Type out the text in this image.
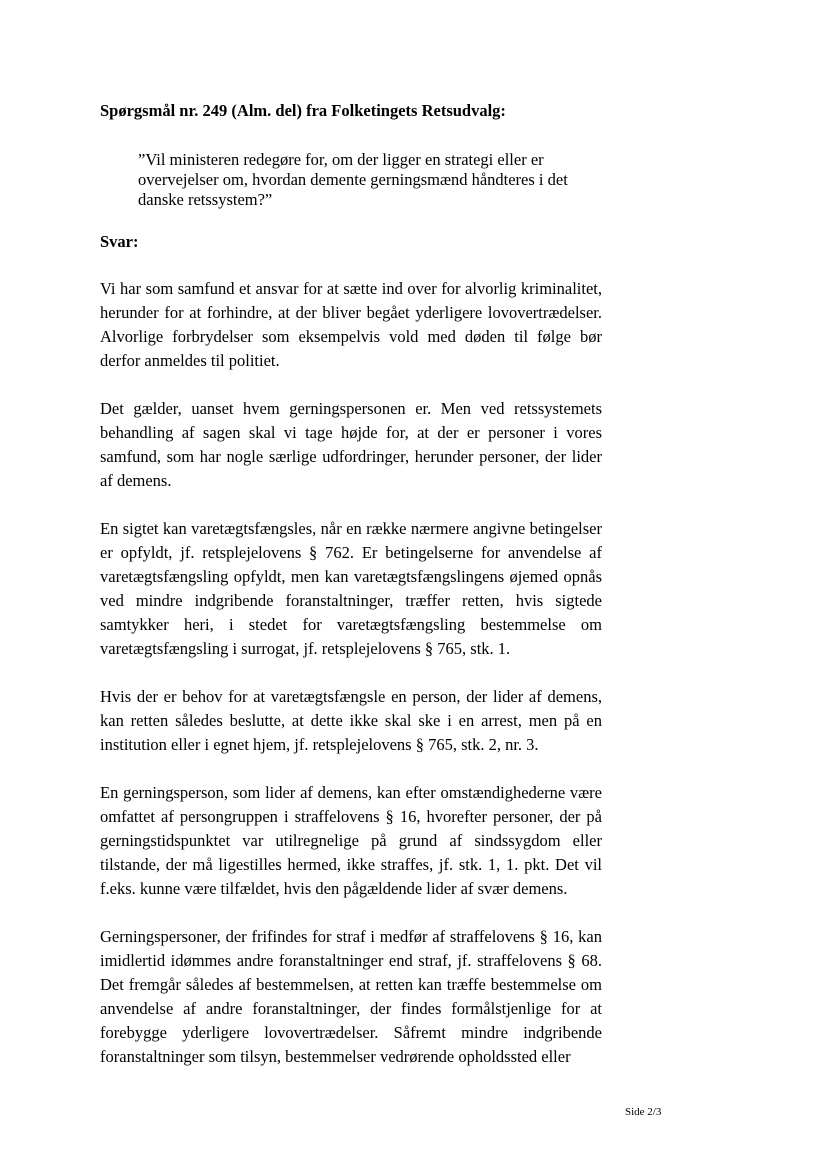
Spørgsmål nr. 249 (Alm. del) fra Folketingets Retsudvalg:

”Vil ministeren redegøre for, om der ligger en strategi eller er overvejelser om, hvordan demente gerningsmænd håndteres i det danske retssystem?”

Svar:

Vi har som samfund et ansvar for at sætte ind over for alvorlig kriminalitet, herunder for at forhindre, at der bliver begået yderligere lovovertrædelser. Alvorlige forbrydelser som eksempelvis vold med døden til følge bør derfor anmeldes til politiet.

Det gælder, uanset hvem gerningspersonen er. Men ved retssystemets behandling af sagen skal vi tage højde for, at der er personer i vores samfund, som har nogle særlige udfordringer, herunder personer, der lider af demens.

En sigtet kan varetægtsfængsles, når en række nærmere angivne betingelser er opfyldt, jf. retsplejelovens § 762. Er betingelserne for anvendelse af varetægtsfængsling opfyldt, men kan varetægtsfængslingens øjemed opnås ved mindre indgribende foranstaltninger, træffer retten, hvis sigtede samtykker heri, i stedet for varetægtsfængsling bestemmelse om varetægtsfængsling i surrogat, jf. retsplejelovens § 765, stk. 1.

Hvis der er behov for at varetægtsfængsle en person, der lider af demens, kan retten således beslutte, at dette ikke skal ske i en arrest, men på en institution eller i egnet hjem, jf. retsplejelovens § 765, stk. 2, nr. 3.

En gerningsperson, som lider af demens, kan efter omstændighederne være omfattet af persongruppen i straffelovens § 16, hvorefter personer, der på gerningstidspunktet var utilregnelige på grund af sindssygdom eller tilstande, der må ligestilles hermed, ikke straffes, jf. stk. 1, 1. pkt. Det vil f.eks. kunne være tilfældet, hvis den pågældende lider af svær demens.

Gerningspersoner, der frifindes for straf i medfør af straffelovens § 16, kan imidlertid idømmes andre foranstaltninger end straf, jf. straffelovens § 68. Det fremgår således af bestemmelsen, at retten kan træffe bestemmelse om anvendelse af andre foranstaltninger, der findes formålstjenlige for at forebygge yderligere lovovertrædelser. Såfremt mindre indgribende foranstaltninger som tilsyn, bestemmelser vedrørende opholdssted eller

Side 2/3
